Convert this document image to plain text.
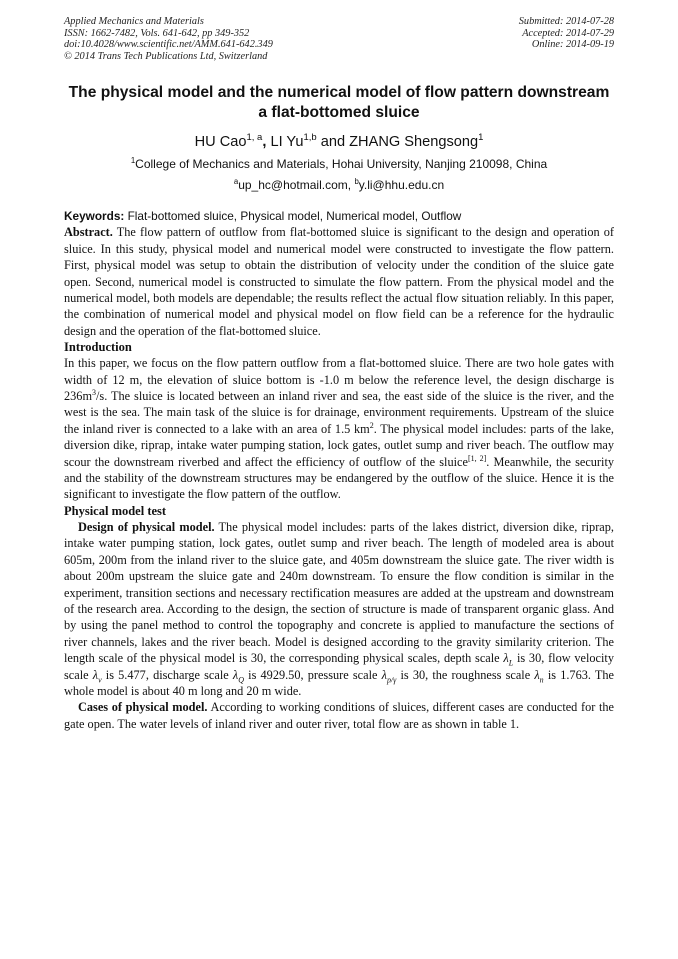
Applied Mechanics and Materials
ISSN: 1662-7482, Vols. 641-642, pp 349-352
doi:10.4028/www.scientific.net/AMM.641-642.349
© 2014 Trans Tech Publications Ltd, Switzerland
Submitted: 2014-07-28
Accepted: 2014-07-29
Online: 2014-09-19
The physical model and the numerical model of flow pattern downstream a flat-bottomed sluice
HU Cao$^{1, a}$, LI Yu$^{1,b}$ and ZHANG Shengsong$^1$
$^1$College of Mechanics and Materials, Hohai University, Nanjing 210098, China
$^a$up_hc@hotmail.com, $^b$y.li@hhu.edu.cn
Keywords: Flat-bottomed sluice, Physical model, Numerical model, Outflow

Abstract. The flow pattern of outflow from flat-bottomed sluice is significant to the design and operation of sluice. In this study, physical model and numerical model were constructed to investigate the flow pattern. First, physical model was setup to obtain the distribution of velocity under the condition of the sluice gate open. Second, numerical model is constructed to simulate the flow pattern. From the physical model and the numerical model, both models are dependable; the results reflect the actual flow situation reliably. In this paper, the combination of numerical model and physical model on flow field can be a reference for the hydraulic design and the operation of the flat-bottomed sluice.

Introduction

In this paper, we focus on the flow pattern outflow from a flat-bottomed sluice. There are two hole gates with width of 12 m, the elevation of sluice bottom is -1.0 m below the reference level, the design discharge is $236m^3/s$. The sluice is located between an inland river and sea, the east side of the sluice is the river, and the west is the sea. The main task of the sluice is for drainage, environment requirements. Upstream of the sluice the inland river is connected to a lake with an area of 1.5 $km^2$. The physical model includes: parts of the lake, diversion dike, riprap, intake water pumping station, lock gates, outlet sump and river beach. The outflow may scour the downstream riverbed and affect the efficiency of outflow of the sluice[1, 2]. Meanwhile, the security and the stability of the downstream structures may be endangered by the outflow of the sluice. Hence it is the significant to investigate the flow pattern of the outflow.

Physical model test

Design of physical model. The physical model includes: parts of the lakes district, diversion dike, riprap, intake water pumping station, lock gates, outlet sump and river beach. The length of modeled area is about 605m, 200m from the inland river to the sluice gate, and 405m downstream the sluice gate. The river width is about 200m upstream the sluice gate and 240m downstream. To ensure the flow condition is similar in the experiment, transition sections and necessary rectification measures are added at the upstream and downstream of the research area. According to the design, the section of structure is made of transparent organic glass. And by using the panel method to control the topography and concrete is applied to manufacture the sections of river channels, lakes and the river beach. Model is designed according to the gravity similarity criterion. The length scale of the physical model is 30, the corresponding physical scales, depth scale $\lambda_L$ is 30, flow velocity scale $\lambda_v$ is 5.477, discharge scale $\lambda_Q$ is 4929.50, pressure scale $\lambda_{p/\gamma}$ is 30, the roughness scale $\lambda_n$ is 1.763. The whole model is about 40 m long and 20 m wide.

Cases of physical model. According to working conditions of sluices, different cases are conducted for the gate open. The water levels of inland river and outer river, total flow are as shown in table 1.
